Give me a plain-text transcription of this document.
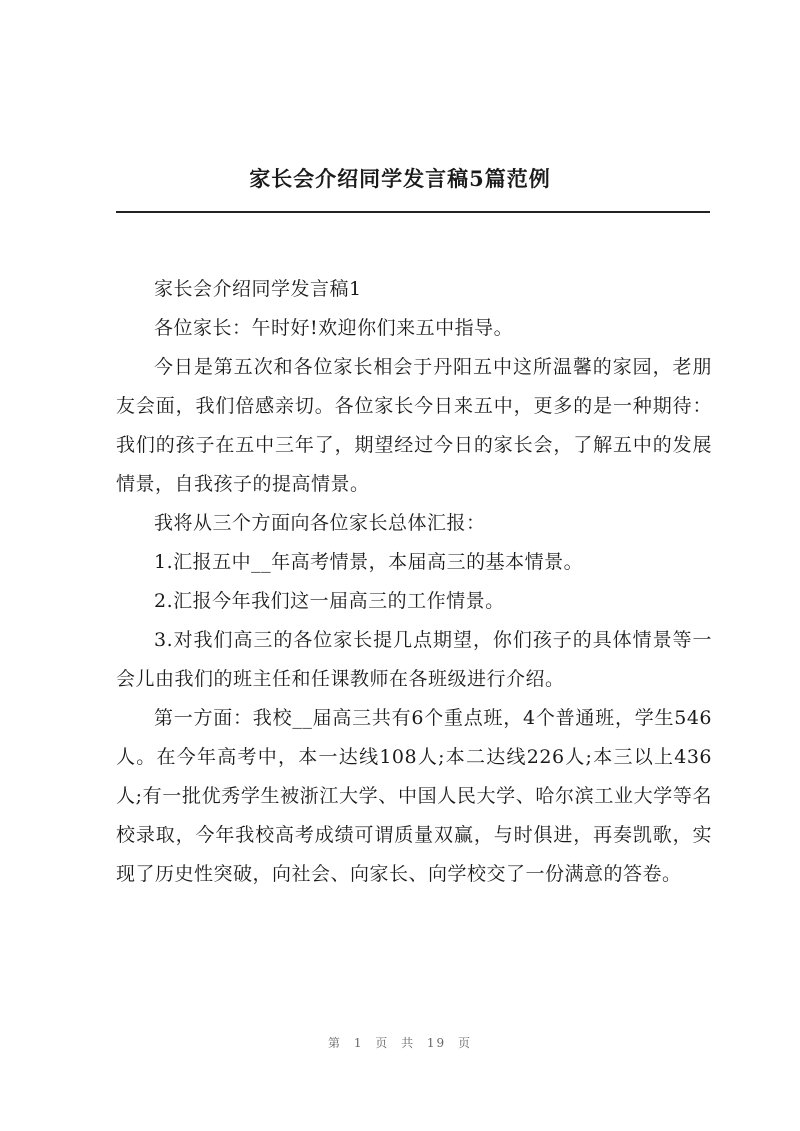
家长会介绍同学发言稿5篇范例

家长会介绍同学发言稿1

各位家长：午时好!欢迎你们来五中指导。

今日是第五次和各位家长相会于丹阳五中这所温馨的家园，老朋友会面，我们倍感亲切。各位家长今日来五中，更多的是一种期待：我们的孩子在五中三年了，期望经过今日的家长会，了解五中的发展情景，自我孩子的提高情景。

我将从三个方面向各位家长总体汇报：

1.汇报五中__年高考情景，本届高三的基本情景。

2.汇报今年我们这一届高三的工作情景。

3.对我们高三的各位家长提几点期望，你们孩子的具体情景等一会儿由我们的班主任和任课教师在各班级进行介绍。

第一方面：我校__届高三共有6个重点班，4个普通班，学生546人。在今年高考中，本一达线108人;本二达线226人;本三以上436人;有一批优秀学生被浙江大学、中国人民大学、哈尔滨工业大学等名校录取，今年我校高考成绩可谓质量双赢，与时俱进，再奏凯歌，实现了历史性突破，向社会、向家长、向学校交了一份满意的答卷。

第 1 页 共 19 页
